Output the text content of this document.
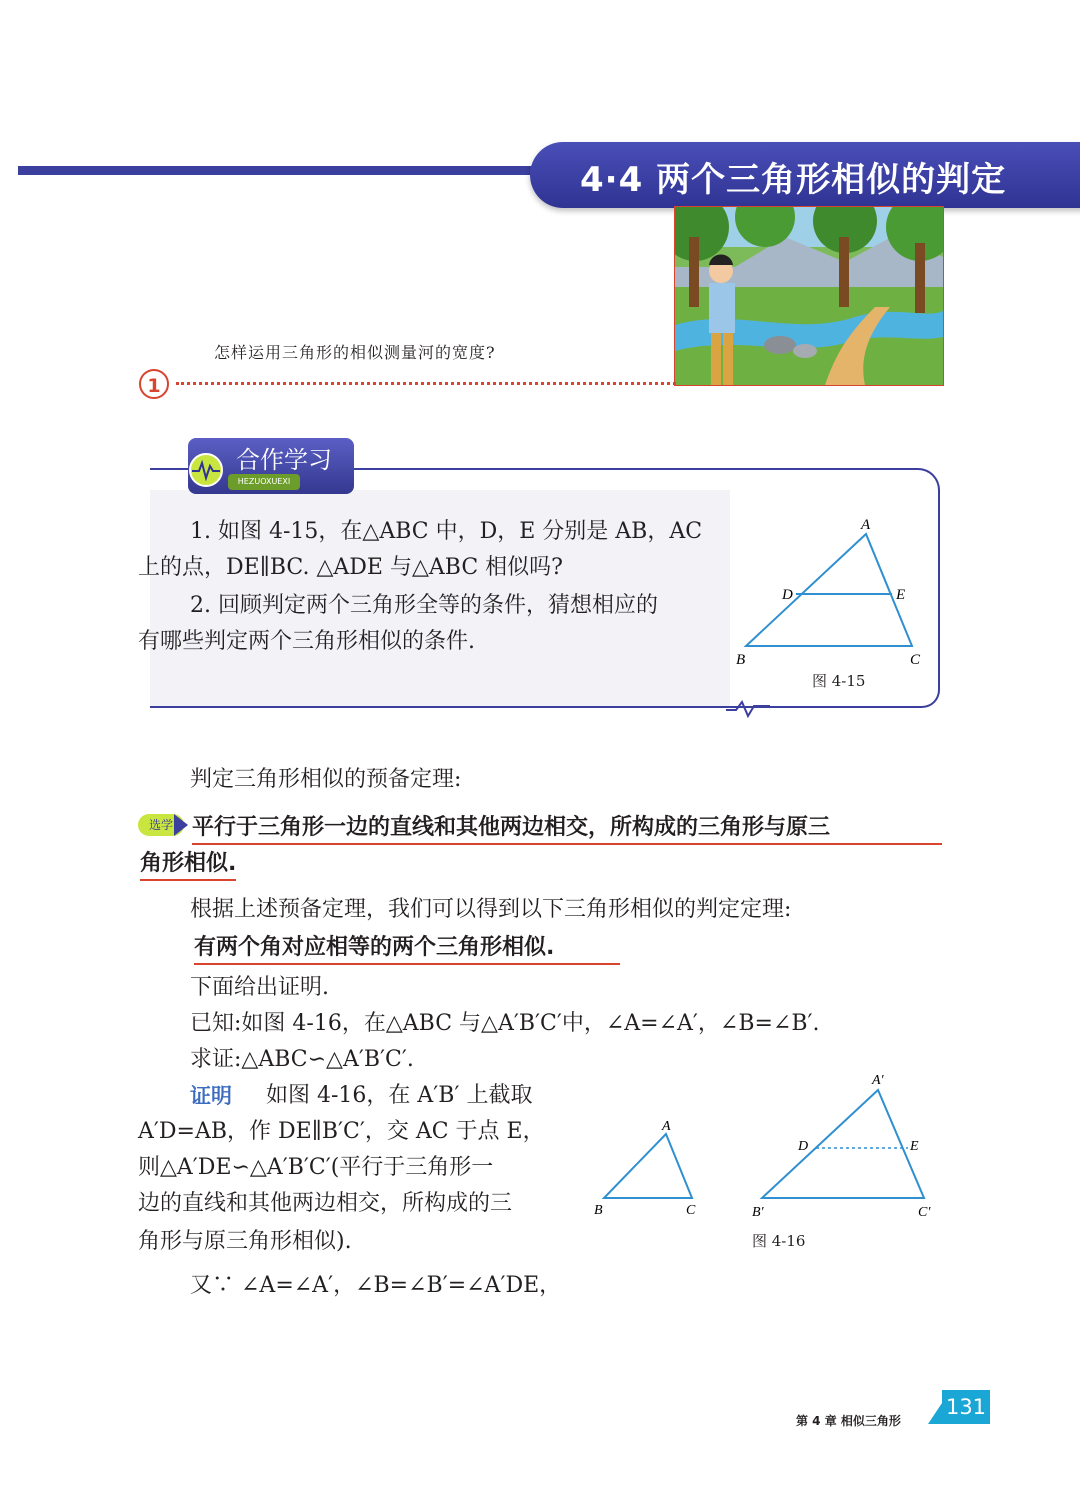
4·4 两个三角形相似的判定
怎样运用三角形的相似测量河的宽度?
1
合作学习
HEZUOXUEXI
1. 如图 4-15，在△ABC 中，D，E 分别是 AB，AC
上的点，DE∥BC. △ADE 与△ABC 相似吗?
2. 回顾判定两个三角形全等的条件，猜想相应的
有哪些判定两个三角形相似的条件.
A
B	C
D	E
图 4-15
判定三角形相似的预备定理:
选学 平行于三角形一边的直线和其他两边相交，所构成的三角形与原三
角形相似.
根据上述预备定理，我们可以得到以下三角形相似的判定定理:
有两个角对应相等的两个三角形相似.
下面给出证明.
已知:如图 4-16，在△ABC 与△A′B′C′中，∠A=∠A′，∠B=∠B′.
求证:△ABC∽△A′B′C′.
证明 如图 4-16，在 A′B′ 上截取
A′D=AB，作 DE∥B′C′，交 AC 于点 E，
则△A′DE∽△A′B′C′(平行于三角形一
边的直线和其他两边相交，所构成的三
角形与原三角形相似).
又∵ ∠A=∠A′，∠B=∠B′=∠A′DE，
A
B	C
A′
B′	C′
D	E
图 4-16
第 4 章 相似三角形
131
